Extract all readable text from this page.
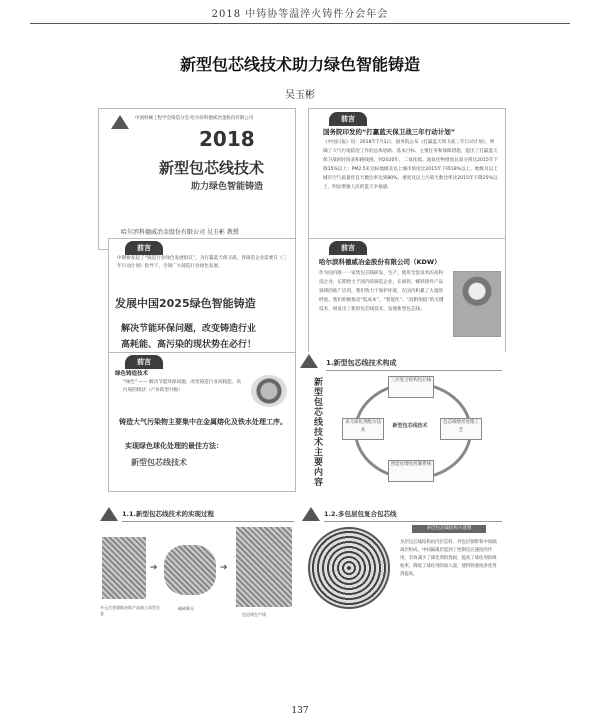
2018 中铸协等温淬火铸件分会年会
新型包芯线技术助力绿色智能铸造
吴玉彬
中国机械工程学会铸造分会 哈尔滨科德威冶金股份有限公司
2018
新型包芯线技术
助力绿色智能铸造
哈尔滨科德威冶金股份有限公司 吴玉彬 教授
前言
国务院印发的“打赢蓝天保卫战三年行动计划”
《中国日报》讯：2018年7月3日，国务院公布《打赢蓝天保卫战三年行动计划》，明确了大气污染防治工作的总体思路、基本目标、主要任务和保障措施，提出了打赢蓝天保卫战的时间表和路线图。到2020年，二氧化硫、氮氧化物排放总量分别比2015年下降15%以上；PM2.5未达标地级及以上城市浓度比2015年下降18%以上，地级及以上城市空气质量优良天数比率达到80%，重度及以上污染天数比率比2015年下降25%以上，明显增强人民的蓝天幸福感。
前言
中钢协发起了“铸造行业绿色发展倡议”，为打赢蓝天保卫战，各铸造企业需要在《三年行动计划》指导下，引领广大铸造行业绿色发展。
发展中国2025绿色智能铸造
解决节能环保问题，改变铸造行业
高耗能、高污染的现状势在必行！
前言
哈尔滨科德威冶金股份有限公司（KDW）
作为国内唯一一家集包芯线研发、生产、使用全套技术的高科技企业，长期致力于国内的铸造企业，在球铁、蠕铁铸件产品领域的推广应用，我们致力于保护环境，在国内积累了大量的经验。我们积极推动“低成本”、“智能化”、“高附加值”的关键技术，研发出了新的包芯线技术，发展新型包芯线。
前言
绿色铸造技术
“绿色” —— 解决节能环保问题，改变铸造行业高耗能、高污染的现状（产业转型升级）
铸造大气污染物主要集中在金属熔化及铁水处理工序。
实现绿色球化处理的最佳方法：
新型包芯线技术
1.新型包芯线技术构成
新型包芯线技术主要内容
三层复合结构包芯线
多元球化剂配方技术
包芯线喂丝处理工艺
智能化喂丝控制系统
新型包芯线技术
1.1.新型包芯线技术的实现过程
➔	➔
多元合金熔炼冶炼产品加工成型合金
破碎筛分
包芯线生产线
1.2.多包层包复合包芯线
多层包芯线结构示意图
多层包芯线结构由内层芯料、外包层钢带和中间隔离层组成，中间隔离层起到了控制反应速度的作用，有效减少了球化剂的烧损，提高了球化剂的吸收率，降低了球化剂的加入量，使得铁液纯净度得到提高。
137
